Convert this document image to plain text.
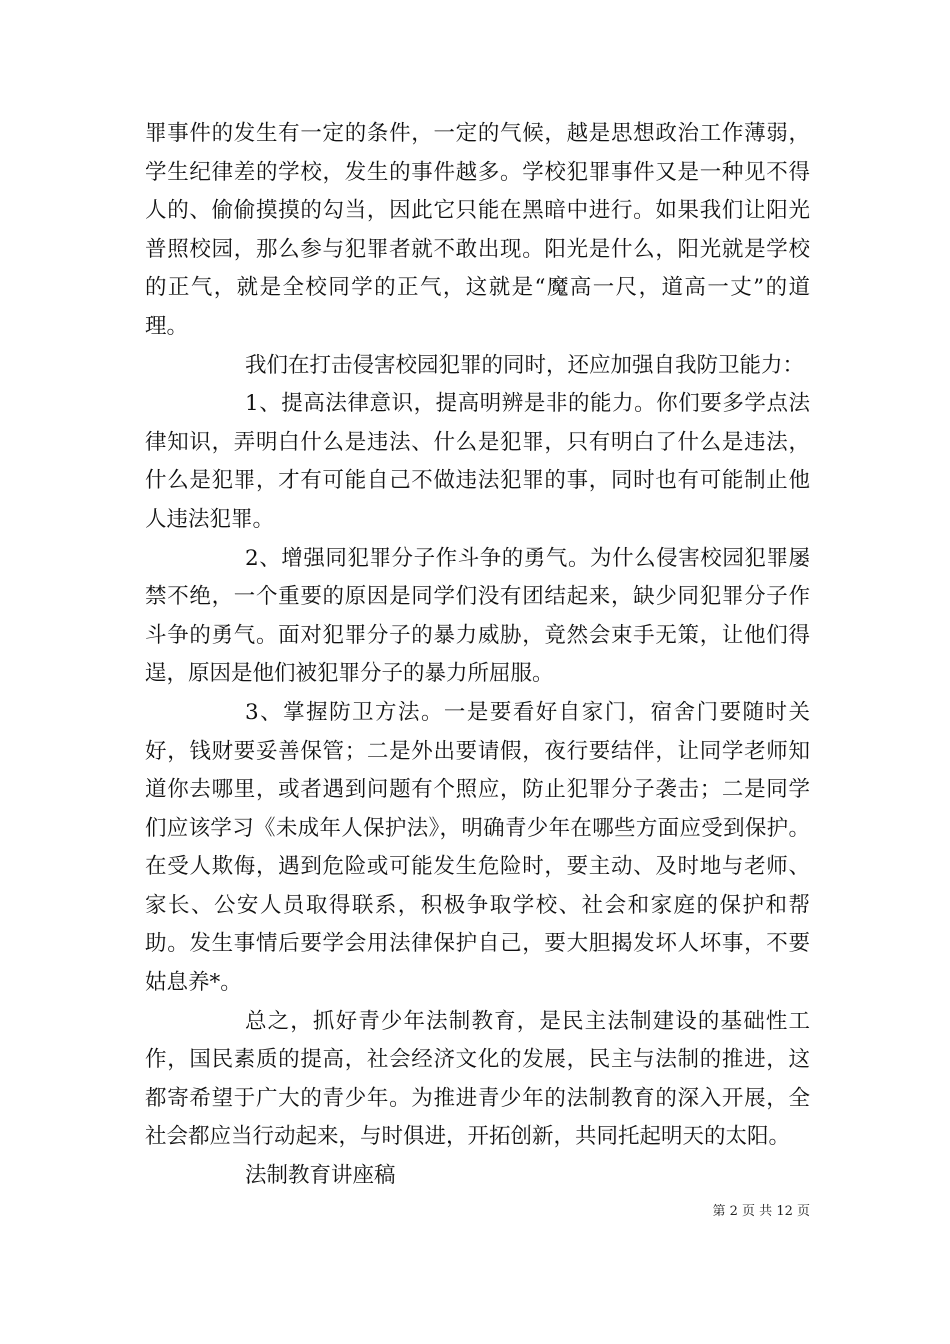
罪事件的发生有一定的条件，一定的气候，越是思想政治工作薄弱，学生纪律差的学校，发生的事件越多。学校犯罪事件又是一种见不得人的、偷偷摸摸的勾当，因此它只能在黑暗中进行。如果我们让阳光普照校园，那么参与犯罪者就不敢出现。阳光是什么，阳光就是学校的正气，就是全校同学的正气，这就是“魔高一尺，道高一丈”的道理。

我们在打击侵害校园犯罪的同时，还应加强自我防卫能力：

1、提高法律意识，提高明辨是非的能力。你们要多学点法律知识，弄明白什么是违法、什么是犯罪，只有明白了什么是违法，什么是犯罪，才有可能自己不做违法犯罪的事，同时也有可能制止他人违法犯罪。

2、增强同犯罪分子作斗争的勇气。为什么侵害校园犯罪屡禁不绝，一个重要的原因是同学们没有团结起来，缺少同犯罪分子作斗争的勇气。面对犯罪分子的暴力威胁，竟然会束手无策，让他们得逞，原因是他们被犯罪分子的暴力所屈服。

3、掌握防卫方法。一是要看好自家门，宿舍门要随时关好，钱财要妥善保管；二是外出要请假，夜行要结伴，让同学老师知道你去哪里，或者遇到问题有个照应，防止犯罪分子袭击；二是同学们应该学习《未成年人保护法》，明确青少年在哪些方面应受到保护。在受人欺侮，遇到危险或可能发生危险时，要主动、及时地与老师、家长、公安人员取得联系，积极争取学校、社会和家庭的保护和帮助。发生事情后要学会用法律保护自己，要大胆揭发坏人坏事，不要姑息养*。

总之，抓好青少年法制教育，是民主法制建设的基础性工作，国民素质的提高，社会经济文化的发展，民主与法制的推进，这都寄希望于广大的青少年。为推进青少年的法制教育的深入开展，全社会都应当行动起来，与时俱进，开拓创新，共同托起明天的太阳。

法制教育讲座稿

第 2 页 共 12 页
